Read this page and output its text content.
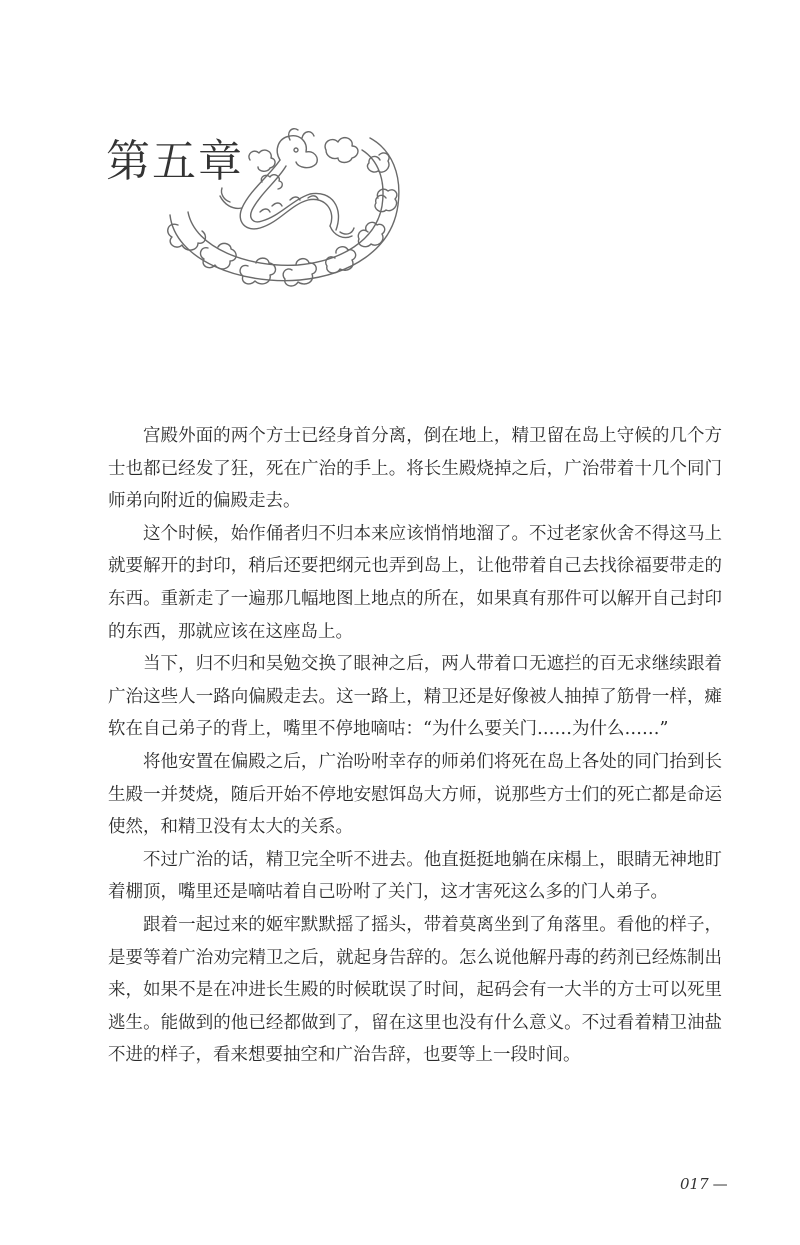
第五章

宫殿外面的两个方士已经身首分离，倒在地上，精卫留在岛上守候的几个方士也都已经发了狂，死在广治的手上。将长生殿烧掉之后，广治带着十几个同门师弟向附近的偏殿走去。

这个时候，始作俑者归不归本来应该悄悄地溜了。不过老家伙舍不得这马上就要解开的封印，稍后还要把纲元也弄到岛上，让他带着自己去找徐福要带走的东西。重新走了一遍那几幅地图上地点的所在，如果真有那件可以解开自己封印的东西，那就应该在这座岛上。

当下，归不归和吴勉交换了眼神之后，两人带着口无遮拦的百无求继续跟着广治这些人一路向偏殿走去。这一路上，精卫还是好像被人抽掉了筋骨一样，瘫软在自己弟子的背上，嘴里不停地嘀咕：“为什么要关门……为什么……”

将他安置在偏殿之后，广治吩咐幸存的师弟们将死在岛上各处的同门抬到长生殿一并焚烧，随后开始不停地安慰饵岛大方师，说那些方士们的死亡都是命运使然，和精卫没有太大的关系。

不过广治的话，精卫完全听不进去。他直挺挺地躺在床榻上，眼睛无神地盯着棚顶，嘴里还是嘀咕着自己吩咐了关门，这才害死这么多的门人弟子。

跟着一起过来的姬牢默默摇了摇头，带着莫离坐到了角落里。看他的样子，是要等着广治劝完精卫之后，就起身告辞的。怎么说他解丹毒的药剂已经炼制出来，如果不是在冲进长生殿的时候耽误了时间，起码会有一大半的方士可以死里逃生。能做到的他已经都做到了，留在这里也没有什么意义。不过看着精卫油盐不进的样子，看来想要抽空和广治告辞，也要等上一段时间。

017 —
